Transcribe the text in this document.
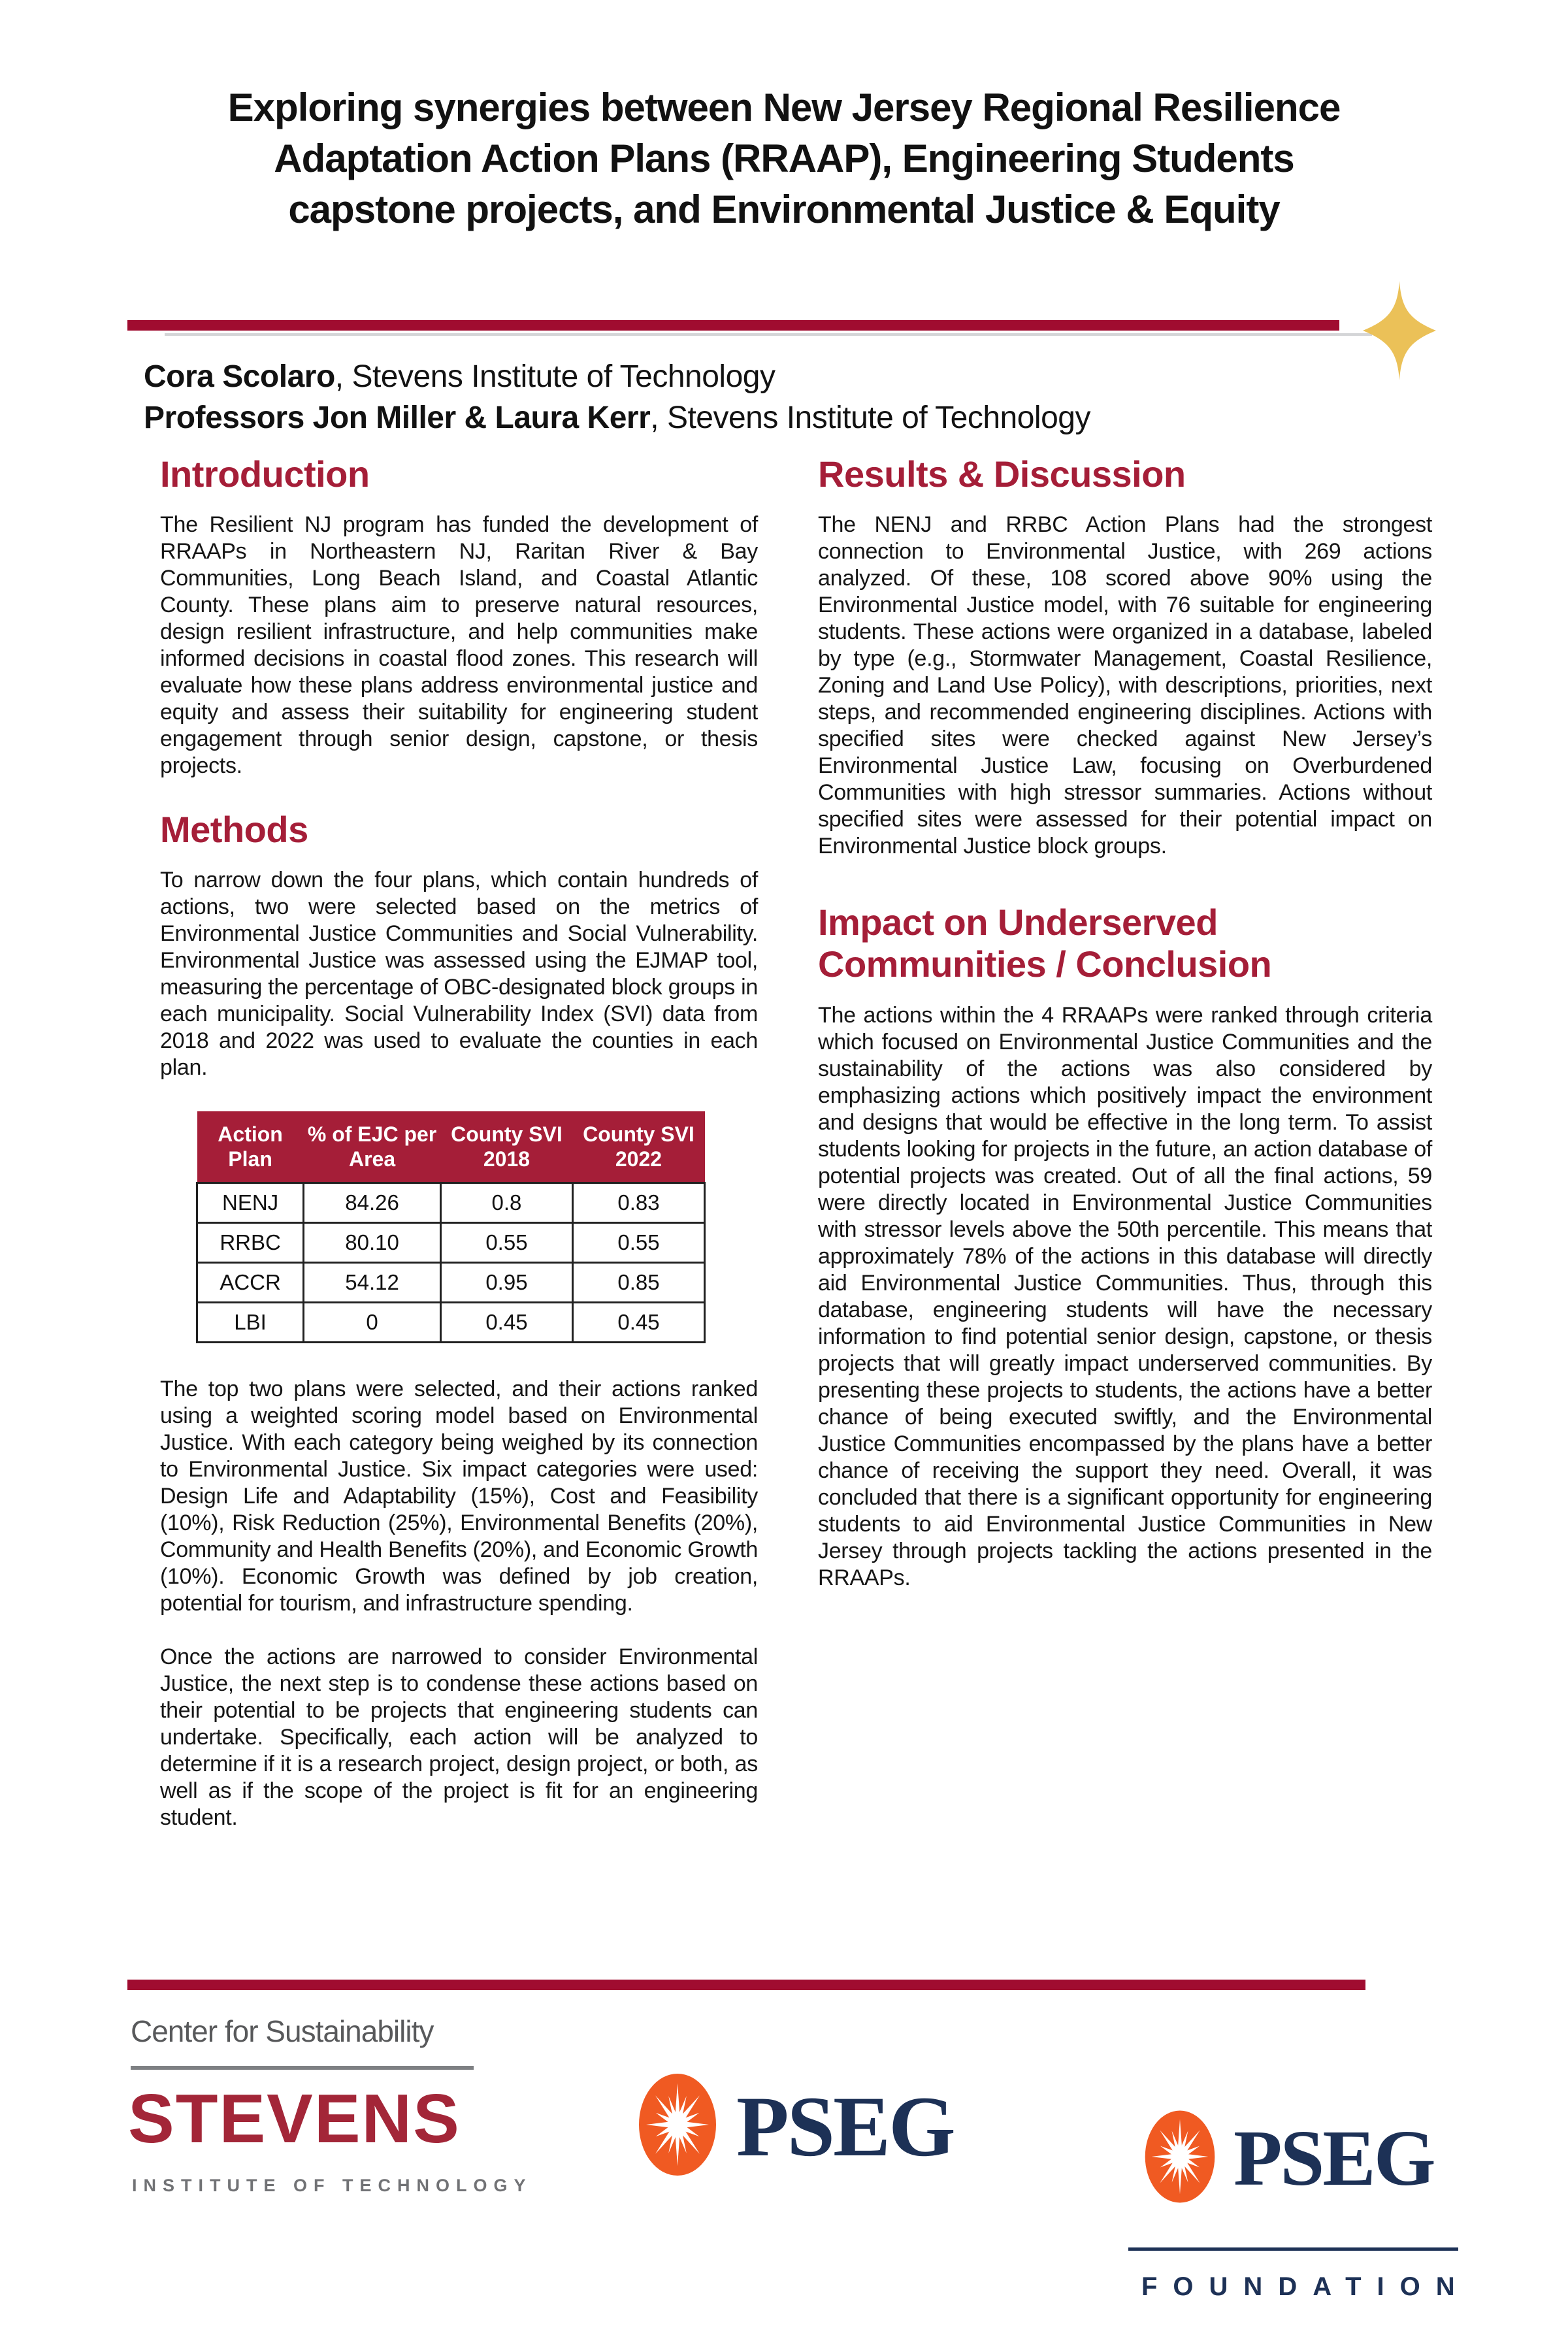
Exploring synergies between New Jersey Regional Resilience
Adaptation Action Plans (RRAAP), Engineering Students
capstone projects, and Environmental Justice & Equity
Cora Scolaro, Stevens Institute of Technology
Professors Jon Miller & Laura Kerr, Stevens Institute of Technology
Introduction

The Resilient NJ program has funded the development of RRAAPs in Northeastern NJ, Raritan River & Bay Communities, Long Beach Island, and Coastal Atlantic County. These plans aim to preserve natural resources, design resilient infrastructure, and help communities make informed decisions in coastal flood zones. This research will evaluate how these plans address environmental justice and equity and assess their suitability for engineering student engagement through senior design, capstone, or thesis projects.

Methods

To narrow down the four plans, which contain hundreds of actions, two were selected based on the metrics of Environmental Justice Communities and Social Vulnerability. Environmental Justice was assessed using the EJMAP tool, measuring the percentage of OBC-designated block groups in each municipality. Social Vulnerability Index (SVI) data from 2018 and 2022 was used to evaluate the counties in each plan.

Action Plan	% of EJC per Area	County SVI 2018	County SVI 2022
NENJ	84.26	0.8	0.83
RRBC	80.10	0.55	0.55
ACCR	54.12	0.95	0.85
LBI	0	0.45	0.45

The top two plans were selected, and their actions ranked using a weighted scoring model based on Environmental Justice. With each category being weighed by its connection to Environmental Justice. Six impact categories were used: Design Life and Adaptability (15%), Cost and Feasibility (10%), Risk Reduction (25%), Environmental Benefits (20%), Community and Health Benefits (20%), and Economic Growth (10%). Economic Growth was defined by job creation, potential for tourism, and infrastructure spending.

Once the actions are narrowed to consider Environmental Justice, the next step is to condense these actions based on their potential to be projects that engineering students can undertake. Specifically, each action will be analyzed to determine if it is a research project, design project, or both, as well as if the scope of the project is fit for an engineering student.

Results & Discussion

The NENJ and RRBC Action Plans had the strongest connection to Environmental Justice, with 269 actions analyzed. Of these, 108 scored above 90% using the Environmental Justice model, with 76 suitable for engineering students. These actions were organized in a database, labeled by type (e.g., Stormwater Management, Coastal Resilience, Zoning and Land Use Policy), with descriptions, priorities, next steps, and recommended engineering disciplines. Actions with specified sites were checked against New Jersey’s Environmental Justice Law, focusing on Overburdened Communities with high stressor summaries. Actions without specified sites were assessed for their potential impact on Environmental Justice block groups.

Impact on Underserved
Communities / Conclusion

The actions within the 4 RRAAPs were ranked through criteria which focused on Environmental Justice Communities and the sustainability of the actions was also considered by emphasizing actions which positively impact the environment and designs that would be effective in the long term. To assist students looking for projects in the future, an action database of potential projects was created. Out of all the final actions, 59 were directly located in Environmental Justice Communities with stressor levels above the 50th percentile. This means that approximately 78% of the actions in this database will directly aid Environmental Justice Communities. Thus, through this database, engineering students will have the necessary information to find potential senior design, capstone, or thesis projects that will greatly impact underserved communities. By presenting these projects to students, the actions have a better chance of being executed swiftly, and the Environmental Justice Communities encompassed by the plans have a better chance of receiving the support they need. Overall, it was concluded that there is a significant opportunity for engineering students to aid Environmental Justice Communities in New Jersey through projects tackling the actions presented in the RRAAPs.

Center for Sustainability
STEVENS
INSTITUTE OF TECHNOLOGY
PSEG	PSEG
FOUNDATION
